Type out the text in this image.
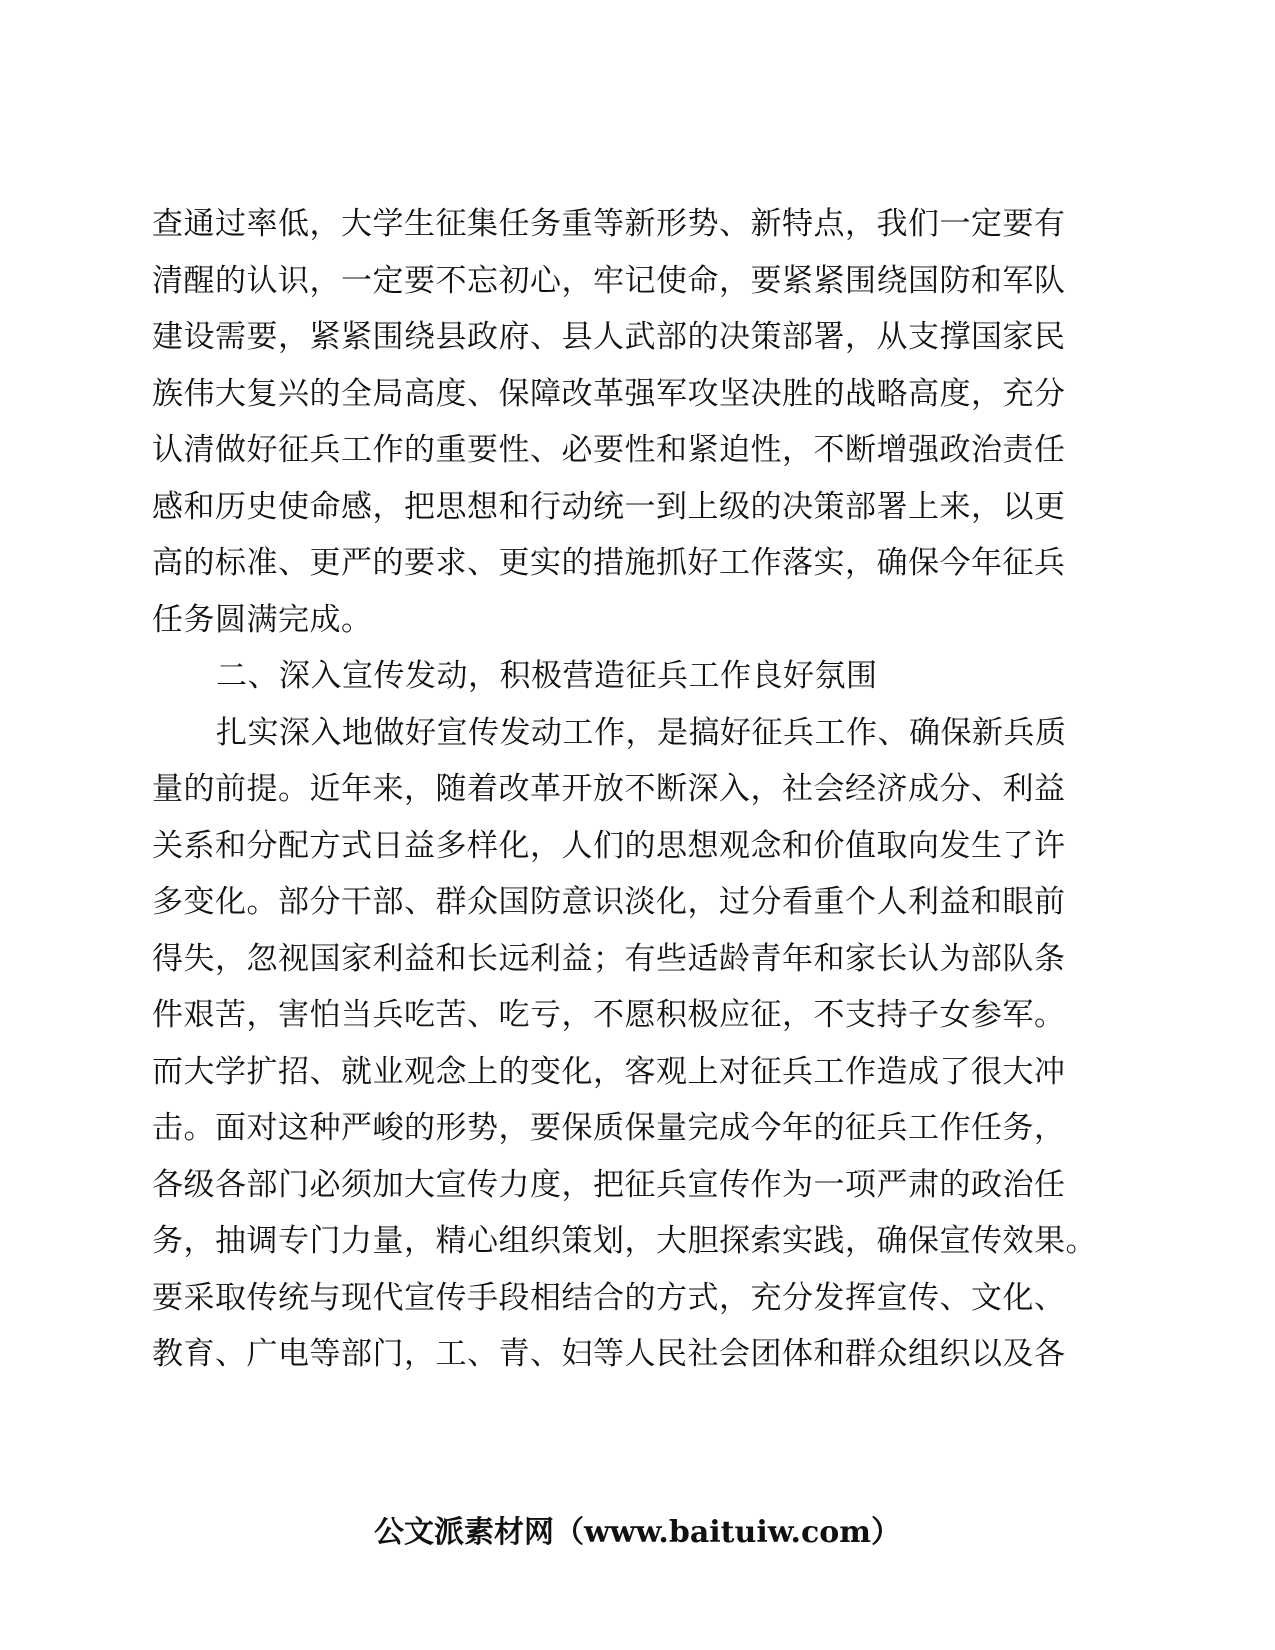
查通过率低，大学生征集任务重等新形势、新特点，我们一定要有
清醒的认识，一定要不忘初心，牢记使命，要紧紧围绕国防和军队
建设需要，紧紧围绕县政府、县人武部的决策部署，从支撑国家民
族伟大复兴的全局高度、保障改革强军攻坚决胜的战略高度，充分
认清做好征兵工作的重要性、必要性和紧迫性，不断增强政治责任
感和历史使命感，把思想和行动统一到上级的决策部署上来，以更
高的标准、更严的要求、更实的措施抓好工作落实，确保今年征兵
任务圆满完成。
二、深入宣传发动，积极营造征兵工作良好氛围
扎实深入地做好宣传发动工作，是搞好征兵工作、确保新兵质
量的前提。近年来，随着改革开放不断深入，社会经济成分、利益
关系和分配方式日益多样化，人们的思想观念和价值取向发生了许
多变化。部分干部、群众国防意识淡化，过分看重个人利益和眼前
得失，忽视国家利益和长远利益；有些适龄青年和家长认为部队条
件艰苦，害怕当兵吃苦、吃亏，不愿积极应征，不支持子女参军。
而大学扩招、就业观念上的变化，客观上对征兵工作造成了很大冲
击。面对这种严峻的形势，要保质保量完成今年的征兵工作任务，
各级各部门必须加大宣传力度，把征兵宣传作为一项严肃的政治任
务，抽调专门力量，精心组织策划，大胆探索实践，确保宣传效果。
要采取传统与现代宣传手段相结合的方式，充分发挥宣传、文化、
教育、广电等部门，工、青、妇等人民社会团体和群众组织以及各
公文派素材网（www.baituiw.com）
